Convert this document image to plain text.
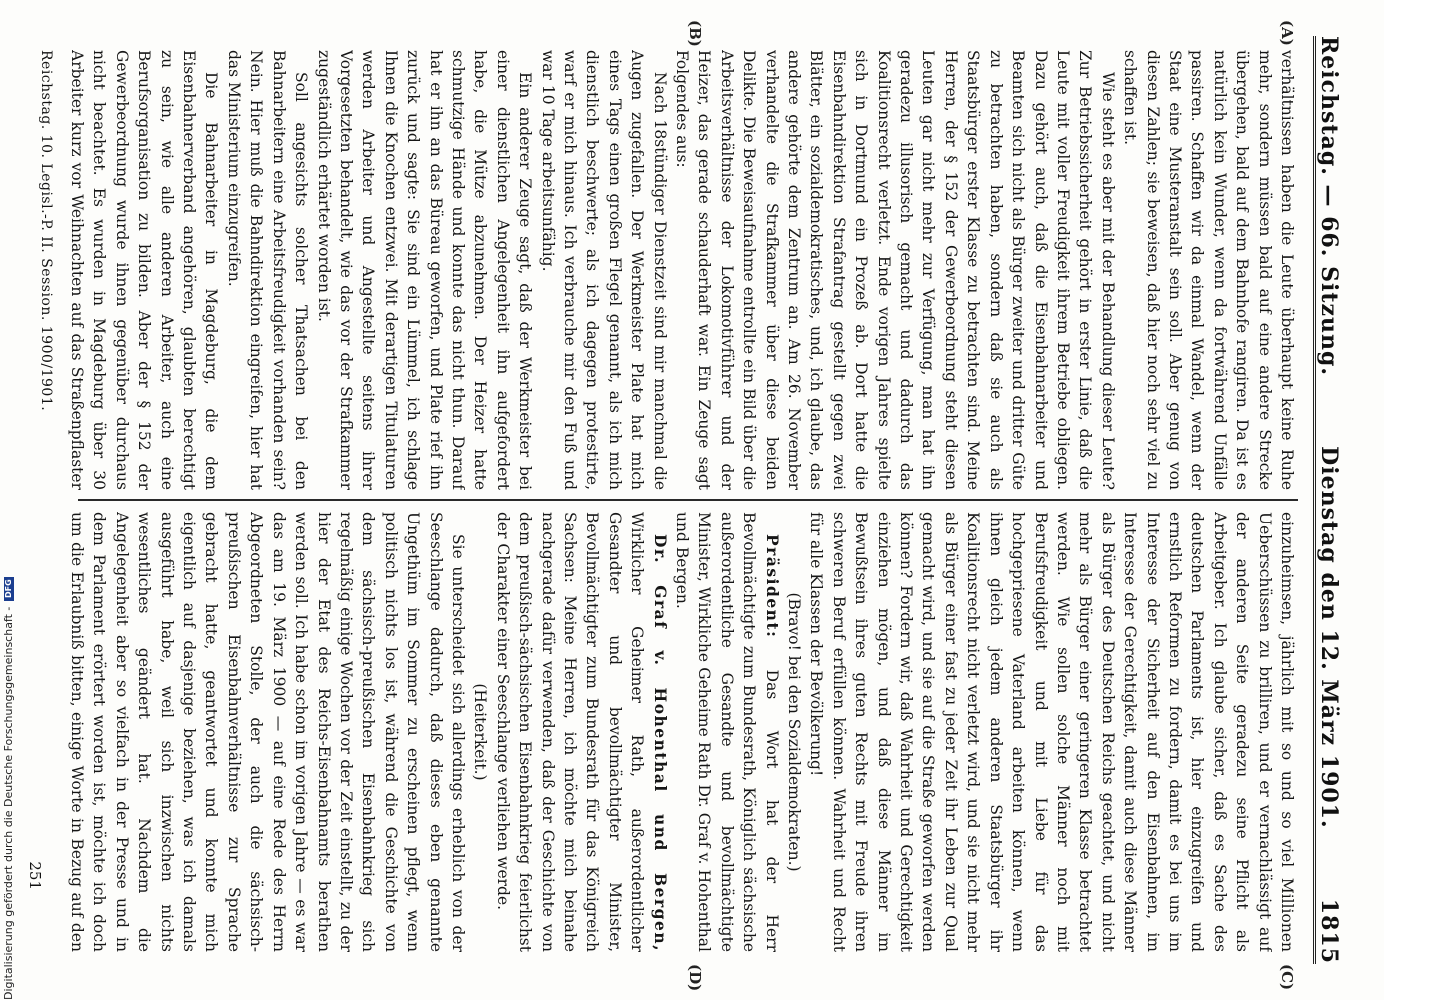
Reichstag. — 66. Sitzung.
Dienstag den 12. März 1901.
1815
(A)
(B)
(C)
(D)

verhältnissen haben die Leute überhaupt keine Ruhe mehr, sondern müssen bald auf eine andere Strecke übergehen, bald auf dem Bahnhofe rangiren. Da ist es natürlich kein Wunder, wenn da fortwährend Unfälle passiren. Schaffen wir da einmal Wandel, wenn der Staat eine Musteranstalt sein soll. Aber genug von diesen Zahlen; sie beweisen, daß hier noch sehr viel zu schaffen ist.

Wie steht es aber mit der Behandlung dieser Leute? Zur Betriebssicherheit gehört in erster Linie, daß die Leute mit voller Freudigkeit ihrem Betriebe obliegen. Dazu gehört auch, daß die Eisenbahnarbeiter und Beamten sich nicht als Bürger zweiter und dritter Güte zu betrachten haben, sondern daß sie auch als Staatsbürger erster Klasse zu betrachten sind. Meine Herren, der § 152 der Gewerbeordnung steht diesen Leuten gar nicht mehr zur Verfügung, man hat ihn geradezu illusorisch gemacht und dadurch das Koalitionsrecht verletzt. Ende vorigen Jahres spielte sich in Dortmund ein Prozeß ab. Dort hatte die Eisenbahndirektion Strafantrag gestellt gegen zwei Blätter, ein sozialdemokratisches, und, ich glaube, das andere gehörte dem Zentrum an. Am 26. November verhandelte die Strafkammer über diese beiden Delikte. Die Beweisaufnahme entrollte ein Bild über die Arbeitsverhältnisse der Lokomotivführer und der Heizer, das gerade schauderhaft war. Ein Zeuge sagt Folgendes aus:

Nach 18stündiger Dienstzeit sind mir manchmal die Augen zugefallen. Der Werkmeister Plate hat mich eines Tags einen großen Flegel genannt, als ich mich dienstlich beschwerte; als ich dagegen protestirte, warf er mich hinaus. Ich verbrauche mir den Fuß und war 10 Tage arbeitsunfähig.

Ein anderer Zeuge sagt, daß der Werkmeister bei einer dienstlichen Angelegenheit ihn aufgefordert habe, die Mütze abzunehmen. Der Heizer hatte schmutzige Hände und konnte das nicht thun. Darauf hat er ihn an das Büreau geworfen, und Plate rief ihn zurück und sagte: Sie sind ein Lümmel, ich schlage Ihnen die Knochen entzwei. Mit derartigen Titulaturen werden Arbeiter und Angestellte seitens ihrer Vorgesetzten behandelt, wie das vor der Strafkammer zugeständlich erhärtet worden ist.

Soll angesichts solcher Thatsachen bei den Bahnarbeitern eine Arbeitsfreudigkeit vorhanden sein? Nein. Hier muß die Bahndirektion eingreifen, hier hat das Ministerium einzugreifen.

Die Bahnarbeiter in Magdeburg, die dem Eisenbahnerverband angehören, glaubten berechtigt zu sein, wie alle anderen Arbeiter, auch eine Berufsorganisation zu bilden. Aber der § 152 der Gewerbeordnung wurde ihnen gegenüber durchaus nicht beachtet. Es wurden in Magdeburg über 30 Arbeiter kurz vor Weihnachten auf das Straßenpflaster

einzuheimsen, jährlich mit so und so viel Millionen Ueberschüssen zu brilliren, und er vernachlässigt auf der anderen Seite geradezu seine Pflicht als Arbeitgeber. Ich glaube sicher, daß es Sache des deutschen Parlaments ist, hier einzugreifen und ernstlich Reformen zu fordern, damit es bei uns im Interesse der Sicherheit auf den Eisenbahnen, im Interesse der Gerechtigkeit, damit auch diese Männer als Bürger des Deutschen Reichs geachtet, und nicht mehr als Bürger einer geringeren Klasse betrachtet werden. Wie sollen solche Männer noch mit Berufsfreudigkeit und mit Liebe für das hochgepriesene Vaterland arbeiten können, wenn ihnen gleich jedem anderen Staatsbürger ihr Koalitionsrecht nicht verletzt wird, und sie nicht mehr als Bürger einer fast zu jeder Zeit ihr Leben zur Qual gemacht wird, und sie auf die Straße geworfen werden können? Fordern wir, daß Wahrheit und Gerechtigkeit einziehen mögen, und daß diese Männer im Bewußtsein ihres guten Rechts mit Freude ihren schweren Beruf erfüllen können. Wahrheit und Recht für alle Klassen der Bevölkerung!

(Bravo! bei den Sozialdemokraten.)

Präsident: Das Wort hat der Herr Bevollmächtigte zum Bundesrath, Königlich sächsische außerordentliche Gesandte und bevollmächtigte Minister, Wirkliche Geheime Rath Dr. Graf v. Hohenthal und Bergen.

Dr. Graf v. Hohenthal und Bergen, Wirklicher Geheimer Rath, außerordentlicher Gesandter und bevollmächtigter Minister, Bevollmächtigter zum Bundesrath für das Königreich Sachsen: Meine Herren, ich möchte mich beinahe nachgerade dafür verwenden, daß der Geschichte von dem preußisch-sächsischen Eisenbahnkrieg feierlichst der Charakter einer Seeschlange verliehen werde.

(Heiterkeit.)

Sie unterscheidet sich allerdings erheblich von der Seeschlange dadurch, daß dieses eben genannte Ungethüm im Sommer zu erscheinen pflegt, wenn politisch nichts los ist, während die Geschichte von dem sächsisch-preußischen Eisenbahnkrieg sich regelmäßig einige Wochen vor der Zeit einstellt, zu der hier der Etat des Reichs-Eisenbahnamts berathen werden soll. Ich habe schon im vorigen Jahre — es war das am 19. März 1900 — auf eine Rede des Herrn Abgeordneten Stolle, der auch die sächsisch-preußischen Eisenbahnverhältnisse zur Sprache gebracht hatte, geantwortet und konnte mich eigentlich auf dasjenige beziehen, was ich damals ausgeführt habe, weil sich inzwischen nichts wesentliches geändert hat. Nachdem die Angelegenheit aber so vielfach in der Presse und in dem Parlament erörtert worden ist, möchte ich doch um die Erlaubniß bitten, einige Worte in Bezug auf den

Reichstag. 10. Legisl.-P. II. Session. 1900/1901.
251
Digitalisierung gefördert durch die Deutsche Forschungsgemeinschaft -
DFG
